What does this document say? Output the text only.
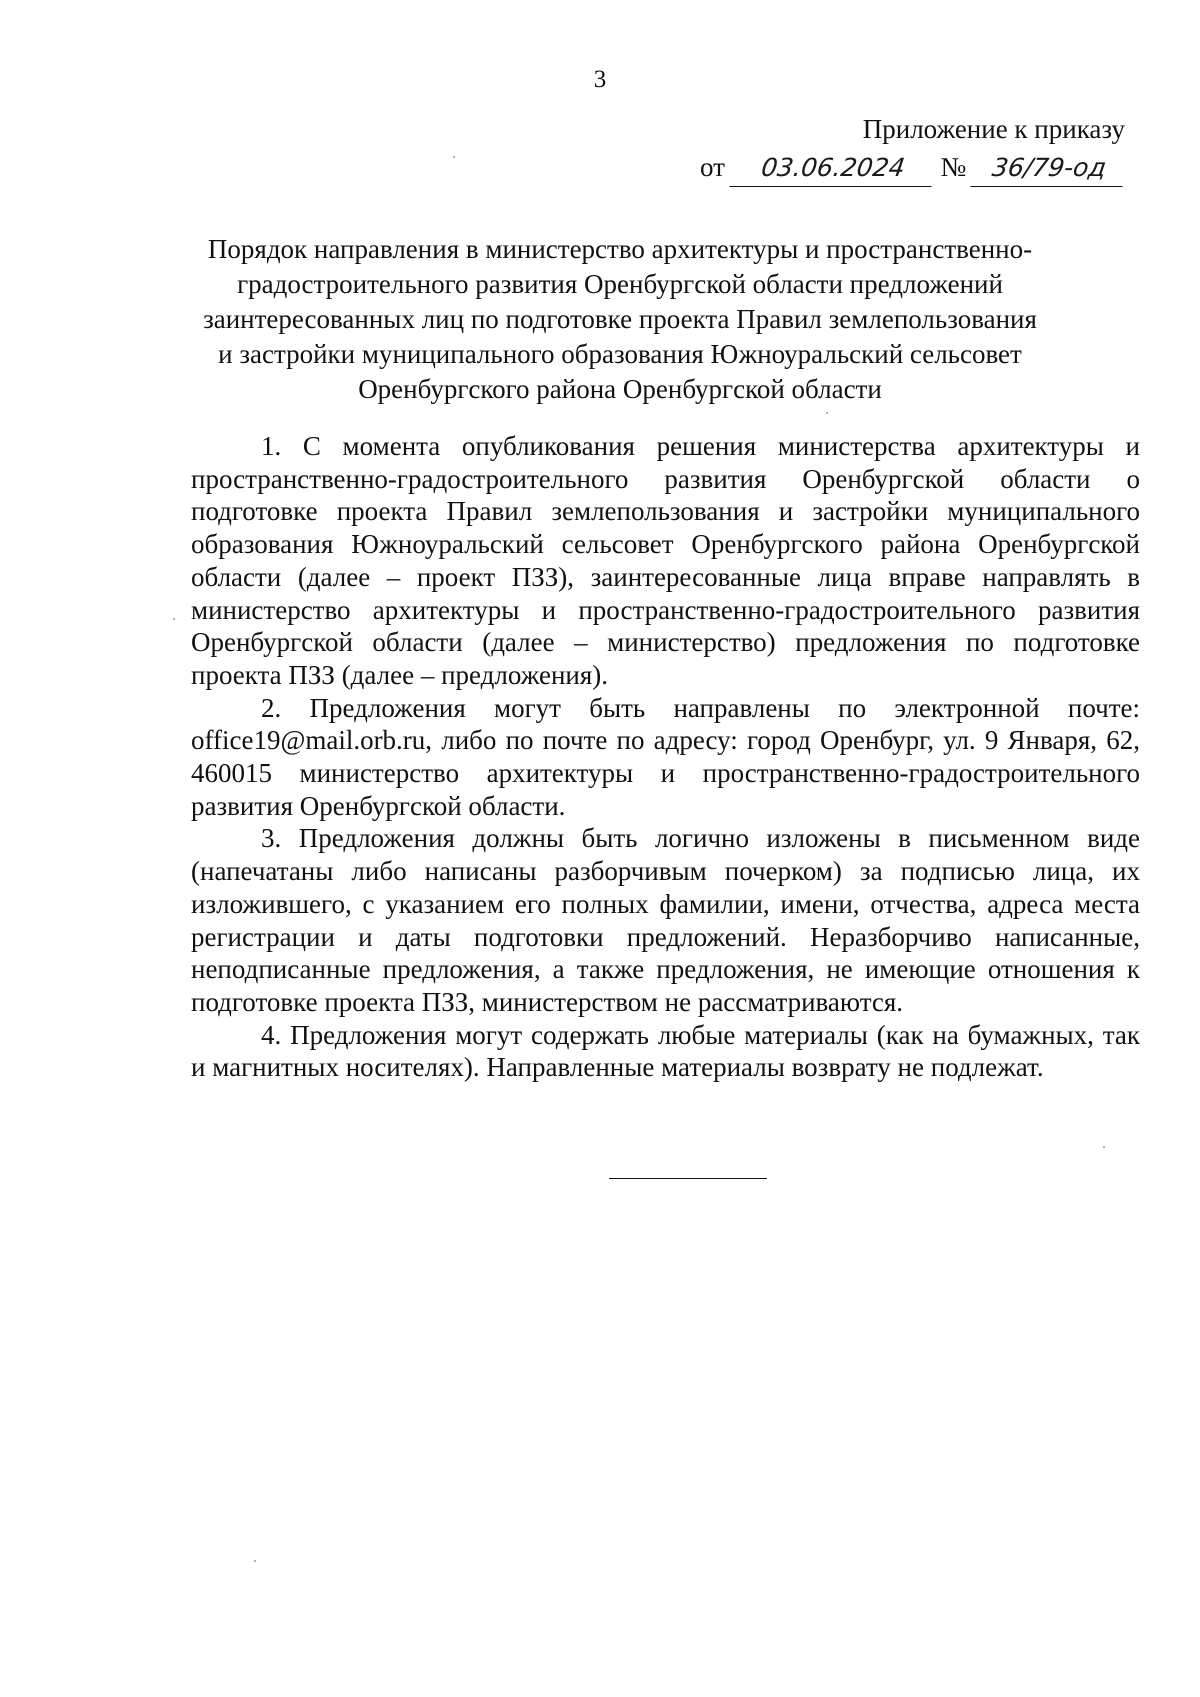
3
Приложение к приказу
от 03.06.2024 № 36/79-од
Порядок направления в министерство архитектуры и пространственно-
градостроительного развития Оренбургской области предложений
заинтересованных лиц по подготовке проекта Правил землепользования
и застройки муниципального образования Южноуральский сельсовет
Оренбургского района Оренбургской области

1. С момента опубликования решения министерства архитектуры и пространственно-градостроительного развития Оренбургской области о подготовке проекта Правил землепользования и застройки муниципального образования Южноуральский сельсовет Оренбургского района Оренбургской области (далее – проект ПЗЗ), заинтересованные лица вправе направлять в министерство архитектуры и пространственно-градостроительного развития Оренбургской области (далее – министерство) предложения по подготовке проекта ПЗЗ (далее – предложения).

2. Предложения могут быть направлены по электронной почте: office19@mail.orb.ru, либо по почте по адресу: город Оренбург, ул. 9 Января, 62, 460015 министерство архитектуры и пространственно-градостроительного развития Оренбургской области.

3. Предложения должны быть логично изложены в письменном виде (напечатаны либо написаны разборчивым почерком) за подписью лица, их изложившего, с указанием его полных фамилии, имени, отчества, адреса места регистрации и даты подготовки предложений. Неразборчиво написанные, неподписанные предложения, а также предложения, не имеющие отношения к подготовке проекта ПЗЗ, министерством не рассматриваются.

4. Предложения могут содержать любые материалы (как на бумажных, так и магнитных носителях). Направленные материалы возврату не подлежат.
